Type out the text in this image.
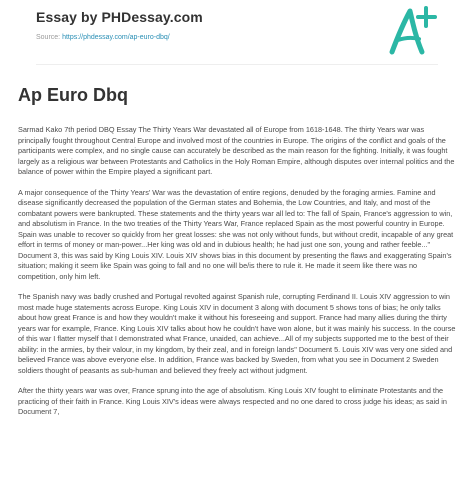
Essay by PHDessay.com
Source: https://phdessay.com/ap-euro-dbq/
Ap Euro Dbq

Sarmad Kako 7th period DBQ Essay The Thirty Years War devastated all of Europe from 1618-1648. The thirty Years war was principally fought throughout Central Europe and involved most of the countries in Europe. The origins of the conflict and goals of the participants were complex, and no single cause can accurately be described as the main reason for the fighting. Initially, it was fought largely as a religious war between Protestants and Catholics in the Holy Roman Empire, although disputes over internal politics and the balance of power within the Empire played a significant part.

A major consequence of the Thirty Years' War was the devastation of entire regions, denuded by the foraging armies. Famine and disease significantly decreased the population of the German states and Bohemia, the Low Countries, and Italy, and most of the combatant powers were bankrupted. These statements and the thirty years war all led to: The fall of Spain, France's aggression to win, and absolutism in France. In the two treaties of the Thirty Years War, France replaced Spain as the most powerful country in Europe. Spain was unable to recover so quickly from her great losses: she was not only without funds, but without credit, incapable of any great effort in terms of money or man-power...Her king was old and in dubious health; he had just one son, young and rather feeble..." Document 3, this was said by King Louis XIV. Louis XIV shows bias in this document by presenting the flaws and exaggerating Spain's situation; making it seem like Spain was going to fall and no one will be/is there to rule it. He made it seem like there was no competition, only him left.

The Spanish navy was badly crushed and Portugal revolted against Spanish rule, corrupting Ferdinand II. Louis XIV aggression to win most made huge statements across Europe. King Louis XIV in document 3 along with document 5 shows tons of bias; he only talks about how great France is and how they wouldn't make it without his foreseeing and support. France had many allies during the thirty years war for example, France. King Louis XIV talks about how he couldn't have won alone, but it was mainly his success. In the course of this war I flatter myself that I demonstrated what France, unaided, can achieve...All of my subjects supported me to the best of their ability: in the armies, by their valour, in my kingdom, by their zeal, and in foreign lands" Document 5. Louis XIV was very one sided and believed France was above everyone else. In addition, France was backed by Sweden, from what you see in Document 2 Sweden soldiers thought of peasants as sub-human and believed they freely act without judgment.

After the thirty years war was over, France sprung into the age of absolutism. King Louis XIV fought to eliminate Protestants and the practicing of their faith in France. King Louis XIV's ideas were always respected and no one dared to cross judge his ideas; as said in Document 7,
